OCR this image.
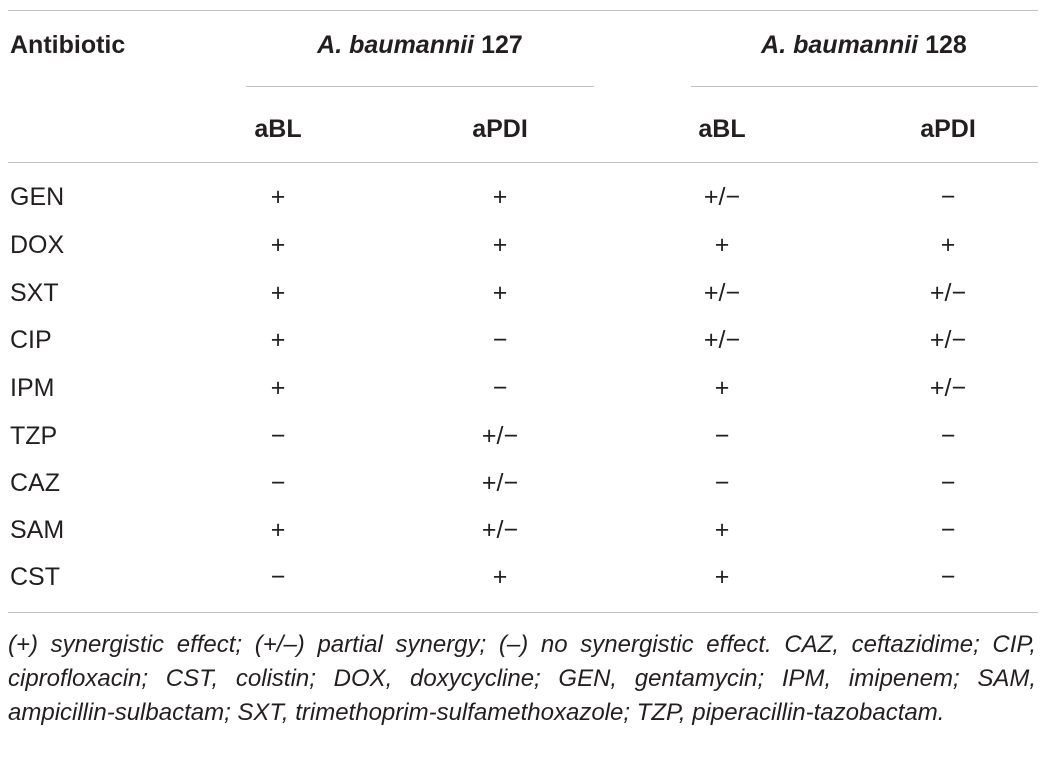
Antibiotic	A. baumannii 127	A. baumannii 128
aBL	aPDI	aBL	aPDI
GEN	+	+	+/−	−
DOX	+	+	+	+
SXT	+	+	+/−	+/−
CIP	+	−	+/−	+/−
IPM	+	−	+	+/−
TZP	−	+/−	−	−
CAZ	−	+/−	−	−
SAM	+	+/−	+	−
CST	−	+	+	−
(+) synergistic effect; (+/–) partial synergy; (–) no synergistic effect. CAZ, ceftazidime; CIP, ciprofloxacin; CST, colistin; DOX, doxycycline; GEN, gentamycin; IPM, imipenem; SAM, ampicillin-sulbactam; SXT, trimethoprim-sulfamethoxazole; TZP, piperacillin-tazobactam.
